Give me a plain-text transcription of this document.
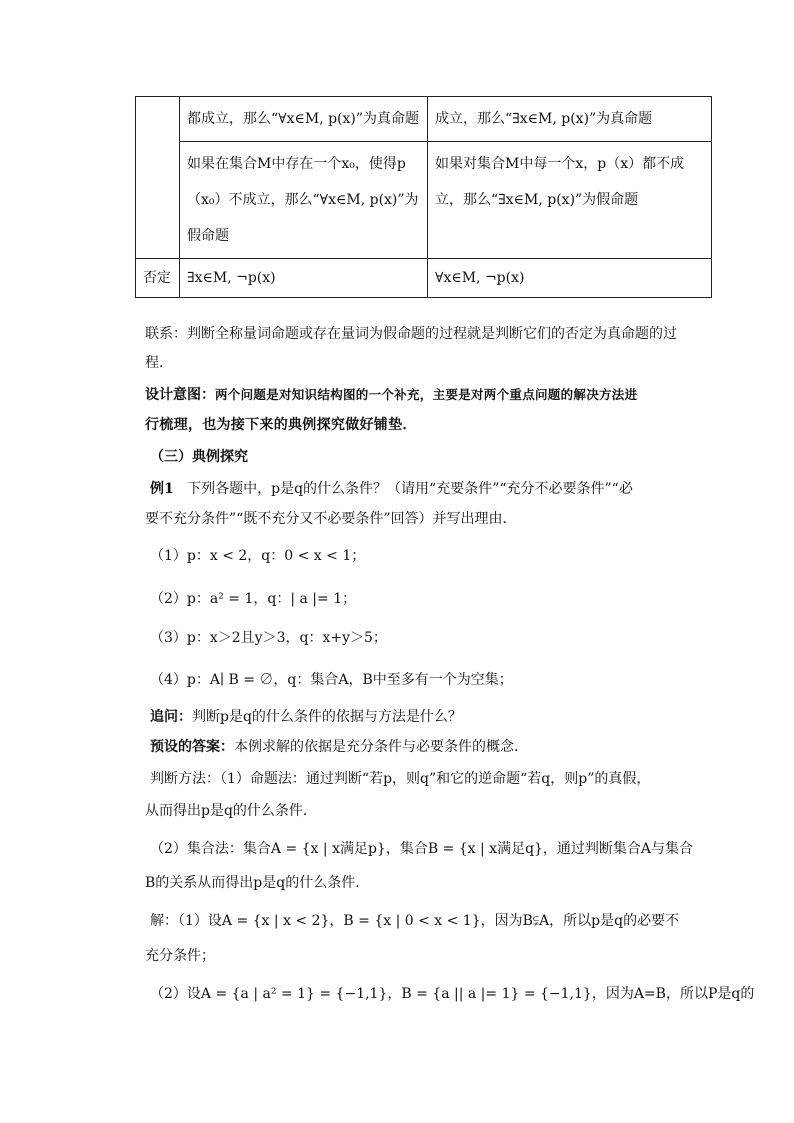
	都成立，那么“∀x∈M, p(x)”为真命题	成立，那么“∃x∈M, p(x)”为真命题
	如果在集合M中存在一个x₀，使得p（x₀）不成立，那么“∀x∈M, p(x)”为假命题	如果对集合M中每一个x，p（x）都不成立，那么“∃x∈M, p(x)”为假命题
否定	∃x∈M, ¬p(x)	∀x∈M, ¬p(x)
联系：判断全称量词命题或存在量词为假命题的过程就是判断它们的否定为真命题的过
程．
设计意图：两个问题是对知识结构图的一个补充，主要是对两个重点问题的解决方法进
行梳理，也为接下来的典例探究做好铺垫．
（三）典例探究
例1 下列各题中，p是q的什么条件？（请用“充要条件”“充分不必要条件”“必
要不充分条件”“既不充分又不必要条件”回答）并写出理由．
（1）p：x < 2，q：0 < x < 1；
（2）p：a² = 1，q：| a |= 1；
（3）p：x＞2且y＞3，q：x+y＞5；
（4）p：A∣ B = ∅，q：集合A，B中至多有一个为空集；
追问：判断p是q的什么条件的依据与方法是什么？
预设的答案：本例求解的依据是充分条件与必要条件的概念．
判断方法：（1）命题法：通过判断“若p，则q”和它的逆命题“若q，则p”的真假，
从而得出p是q的什么条件．
（2）集合法：集合A = {x | x满足p}，集合B = {x | x满足q}，通过判断集合A与集合
B的关系从而得出p是q的什么条件．
解：（1）设A = {x | x < 2}，B = {x | 0 < x < 1}，因为B⫋A，所以p是q的必要不
充分条件；
（2）设A = {a | a² = 1} = {−1,1}，B = {a || a |= 1} = {−1,1}，因为A=B，所以P是q的
